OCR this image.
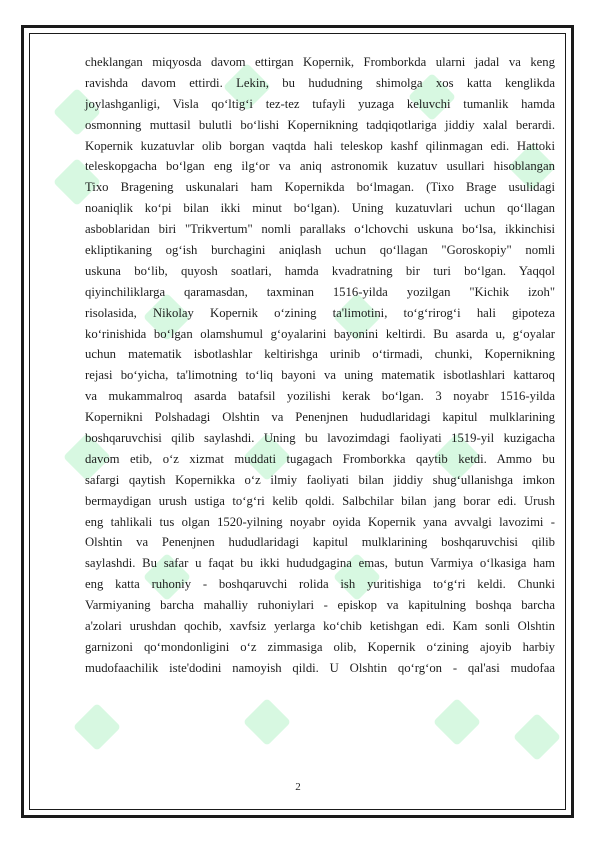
cheklangan miqyosda davom ettirgan Kopernik, Fromborkda ularni jadal va keng
ravishda davom ettirdi. Lekin, bu hududning shimolga xos katta kenglikda
joylashganligi, Visla qo‘ltig‘i tez-tez tufayli yuzaga keluvchi tumanlik hamda
osmonning muttasil bulutli bo‘lishi Kopernikning tadqiqotlariga jiddiy xalal berardi.
Kopernik kuzatuvlar olib borgan vaqtda hali teleskop kashf qilinmagan edi. Hattoki
teleskopgacha bo‘lgan eng ilg‘or va aniq astronomik kuzatuv usullari hisoblangan
Tixo Bragening uskunalari ham Kopernikda bo‘lmagan. (Tixo Brage usulidagi
noaniqlik ko‘pi bilan ikki minut bo‘lgan). Uning kuzatuvlari uchun qo‘llagan
asboblaridan biri "Trikvertum" nomli parallaks o‘lchovchi uskuna bo‘lsa, ikkinchisi
ekliptikaning og‘ish burchagini aniqlash uchun qo‘llagan "Goroskopiy" nomli
uskuna bo‘lib, quyosh soatlari, hamda kvadratning bir turi bo‘lgan. Yaqqol
qiyinchiliklarga qaramasdan, taxminan 1516-yilda yozilgan "Kichik izoh"
risolasida, Nikolay Kopernik o‘zining ta'limotini, to‘g‘rirog‘i hali gipoteza
ko‘rinishida bo‘lgan olamshumul g‘oyalarini bayonini keltirdi. Bu asarda u, g‘oyalar
uchun matematik isbotlashlar keltirishga urinib o‘tirmadi, chunki, Kopernikning
rejasi bo‘yicha, ta'limotning to‘liq bayoni va uning matematik isbotlashlari kattaroq
va mukammalroq asarda batafsil yozilishi kerak bo‘lgan. 3 noyabr 1516-yilda
Kopernikni Polshadagi Olshtin va Penenjnen hududlaridagi kapitul mulklarining
boshqaruvchisi qilib saylashdi. Uning bu lavozimdagi faoliyati 1519-yil kuzigacha
davom etib, o‘z xizmat muddati tugagach Fromborkka qaytib ketdi. Ammo bu
safargi qaytish Kopernikka o‘z ilmiy faoliyati bilan jiddiy shug‘ullanishga imkon
bermaydigan urush ustiga to‘g‘ri kelib qoldi. Salbchilar bilan jang borar edi. Urush
eng tahlikali tus olgan 1520-yilning noyabr oyida Kopernik yana avvalgi lavozimi -
Olshtin va Penenjnen hududlaridagi kapitul mulklarining boshqaruvchisi qilib
saylashdi. Bu safar u faqat bu ikki hududgagina emas, butun Varmiya o‘lkasiga ham
eng katta ruhoniy - boshqaruvchi rolida ish yuritishiga to‘g‘ri keldi. Chunki
Varmiyaning barcha mahalliy ruhoniylari - episkop va kapitulning boshqa barcha
a'zolari urushdan qochib, xavfsiz yerlarga ko‘chib ketishgan edi. Kam sonli Olshtin
garnizoni qo‘mondonligini o‘z zimmasiga olib, Kopernik o‘zining ajoyib harbiy
mudofaachilik iste'dodini namoyish qildi. U Olshtin qo‘rg‘on - qal'asi mudofaa
2
